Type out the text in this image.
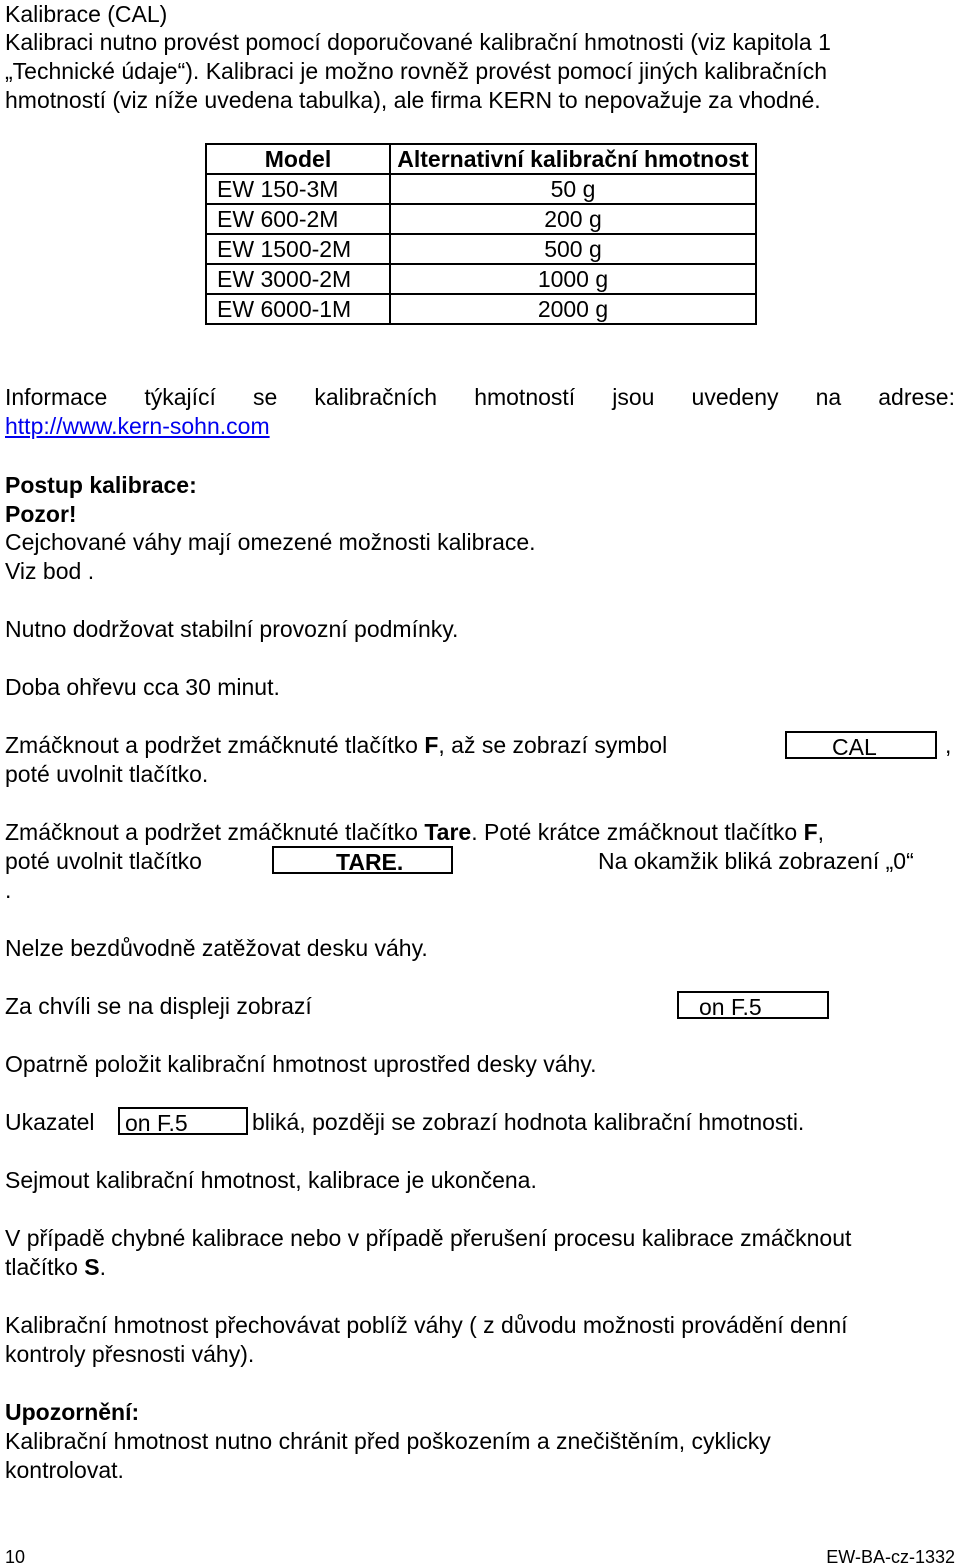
Kalibrace (CAL)
Kalibraci nutno provést pomocí doporučované kalibrační hmotnosti (viz kapitola 1
„Technické údaje“). Kalibraci je možno rovněž provést pomocí jiných kalibračních
hmotností (viz níže uvedena tabulka), ale firma KERN to nepovažuje za vhodné.
Model	Alternativní kalibrační hmotnost
EW 150-3M	50 g
EW 600-2M	200 g
EW 1500-2M	500 g
EW 3000-2M	1000 g
EW 6000-1M	2000 g
Informace týkající se kalibračních hmotností jsou uvedeny na adrese:
http://www.kern-sohn.com
Postup kalibrace:
Pozor!
Cejchované váhy mají omezené možnosti kalibrace.
Viz bod .
Nutno dodržovat stabilní provozní podmínky.
Doba ohřevu cca 30 minut.
Zmáčknout a podržet zmáčknuté tlačítko F, až se zobrazí symbol	CAL	,
poté uvolnit tlačítko.
Zmáčknout a podržet zmáčknuté tlačítko Tare. Poté krátce zmáčknout tlačítko F,
poté uvolnit tlačítko	TARE.	Na okamžik bliká zobrazení „0“
.
Nelze bezdůvodně zatěžovat desku váhy.
Za chvíli se na displeji zobrazí	on F.5
Opatrně položit kalibrační hmotnost uprostřed desky váhy.
Ukazatel	on F.5	bliká, později se zobrazí hodnota kalibrační hmotnosti.
Sejmout kalibrační hmotnost, kalibrace je ukončena.
V případě chybné kalibrace nebo v případě přerušení procesu kalibrace zmáčknout
tlačítko S.
Kalibrační hmotnost přechovávat poblíž váhy ( z důvodu možnosti provádění denní
kontroly přesnosti váhy).
Upozornění:
Kalibrační hmotnost nutno chránit před poškozením a znečištěním, cyklicky
kontrolovat.
10	EW-BA-cz-1332
